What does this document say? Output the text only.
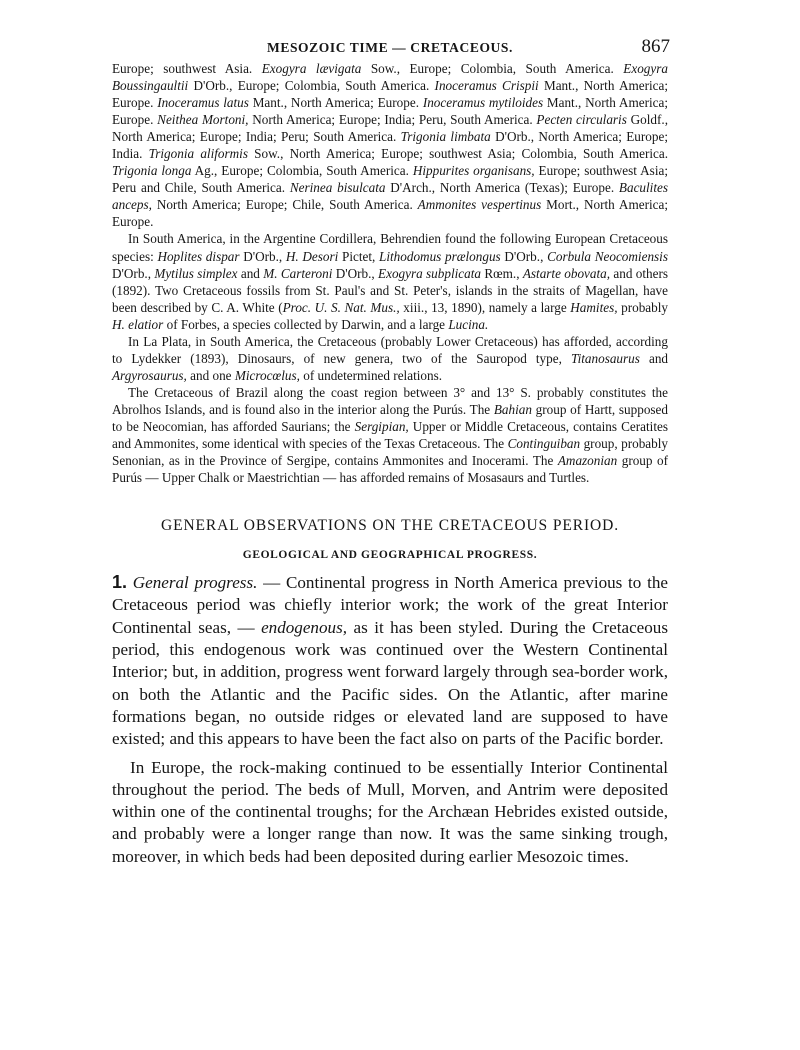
MESOZOIC TIME — CRETACEOUS.	867

Europe; southwest Asia. Exogyra lævigata Sow., Europe; Colombia, South America. Exogyra Boussingaultii D'Orb., Europe; Colombia, South America. Inoceramus Crispii Mant., North America; Europe. Inoceramus latus Mant., North America; Europe. Inoceramus mytiloides Mant., North America; Europe. Neithea Mortoni, North America; Europe; India; Peru, South America. Pecten circularis Goldf., North America; Europe; India; Peru; South America. Trigonia limbata D'Orb., North America; Europe; India. Trigonia aliformis Sow., North America; Europe; southwest Asia; Colombia, South America. Trigonia longa Ag., Europe; Colombia, South America. Hippurites organisans, Europe; southwest Asia; Peru and Chile, South America. Nerinea bisulcata D'Arch., North America (Texas); Europe. Baculites anceps, North America; Europe; Chile, South America. Ammonites vespertinus Mort., North America; Europe.

In South America, in the Argentine Cordillera, Behrendien found the following European Cretaceous species: Hoplites dispar D'Orb., H. Desori Pictet, Lithodomus prælongus D'Orb., Corbula Neocomiensis D'Orb., Mytilus simplex and M. Carteroni D'Orb., Exogyra subplicata Rœm., Astarte obovata, and others (1892). Two Cretaceous fossils from St. Paul's and St. Peter's, islands in the straits of Magellan, have been described by C. A. White (Proc. U. S. Nat. Mus., xiii., 13, 1890), namely a large Hamites, probably H. elatior of Forbes, a species collected by Darwin, and a large Lucina.

In La Plata, in South America, the Cretaceous (probably Lower Cretaceous) has afforded, according to Lydekker (1893), Dinosaurs, of new genera, two of the Sauropod type, Titanosaurus and Argyrosaurus, and one Microcœlus, of undetermined relations.

The Cretaceous of Brazil along the coast region between 3° and 13° S. probably constitutes the Abrolhos Islands, and is found also in the interior along the Purús. The Bahian group of Hartt, supposed to be Neocomian, has afforded Saurians; the Sergipian, Upper or Middle Cretaceous, contains Ceratites and Ammonites, some identical with species of the Texas Cretaceous. The Continguiban group, probably Senonian, as in the Province of Sergipe, contains Ammonites and Inocerami. The Amazonian group of Purús — Upper Chalk or Maestrichtian — has afforded remains of Mosasaurs and Turtles.

GENERAL OBSERVATIONS ON THE CRETACEOUS PERIOD.
GEOLOGICAL AND GEOGRAPHICAL PROGRESS.

1. General progress. — Continental progress in North America previous to the Cretaceous period was chiefly interior work; the work of the great Interior Continental seas, — endogenous, as it has been styled. During the Cretaceous period, this endogenous work was continued over the Western Continental Interior; but, in addition, progress went forward largely through sea-border work, on both the Atlantic and the Pacific sides. On the Atlantic, after marine formations began, no outside ridges or elevated land are supposed to have existed; and this appears to have been the fact also on parts of the Pacific border.

In Europe, the rock-making continued to be essentially Interior Continental throughout the period. The beds of Mull, Morven, and Antrim were deposited within one of the continental troughs; for the Archæan Hebrides existed outside, and probably were a longer range than now. It was the same sinking trough, moreover, in which beds had been deposited during earlier Mesozoic times.
